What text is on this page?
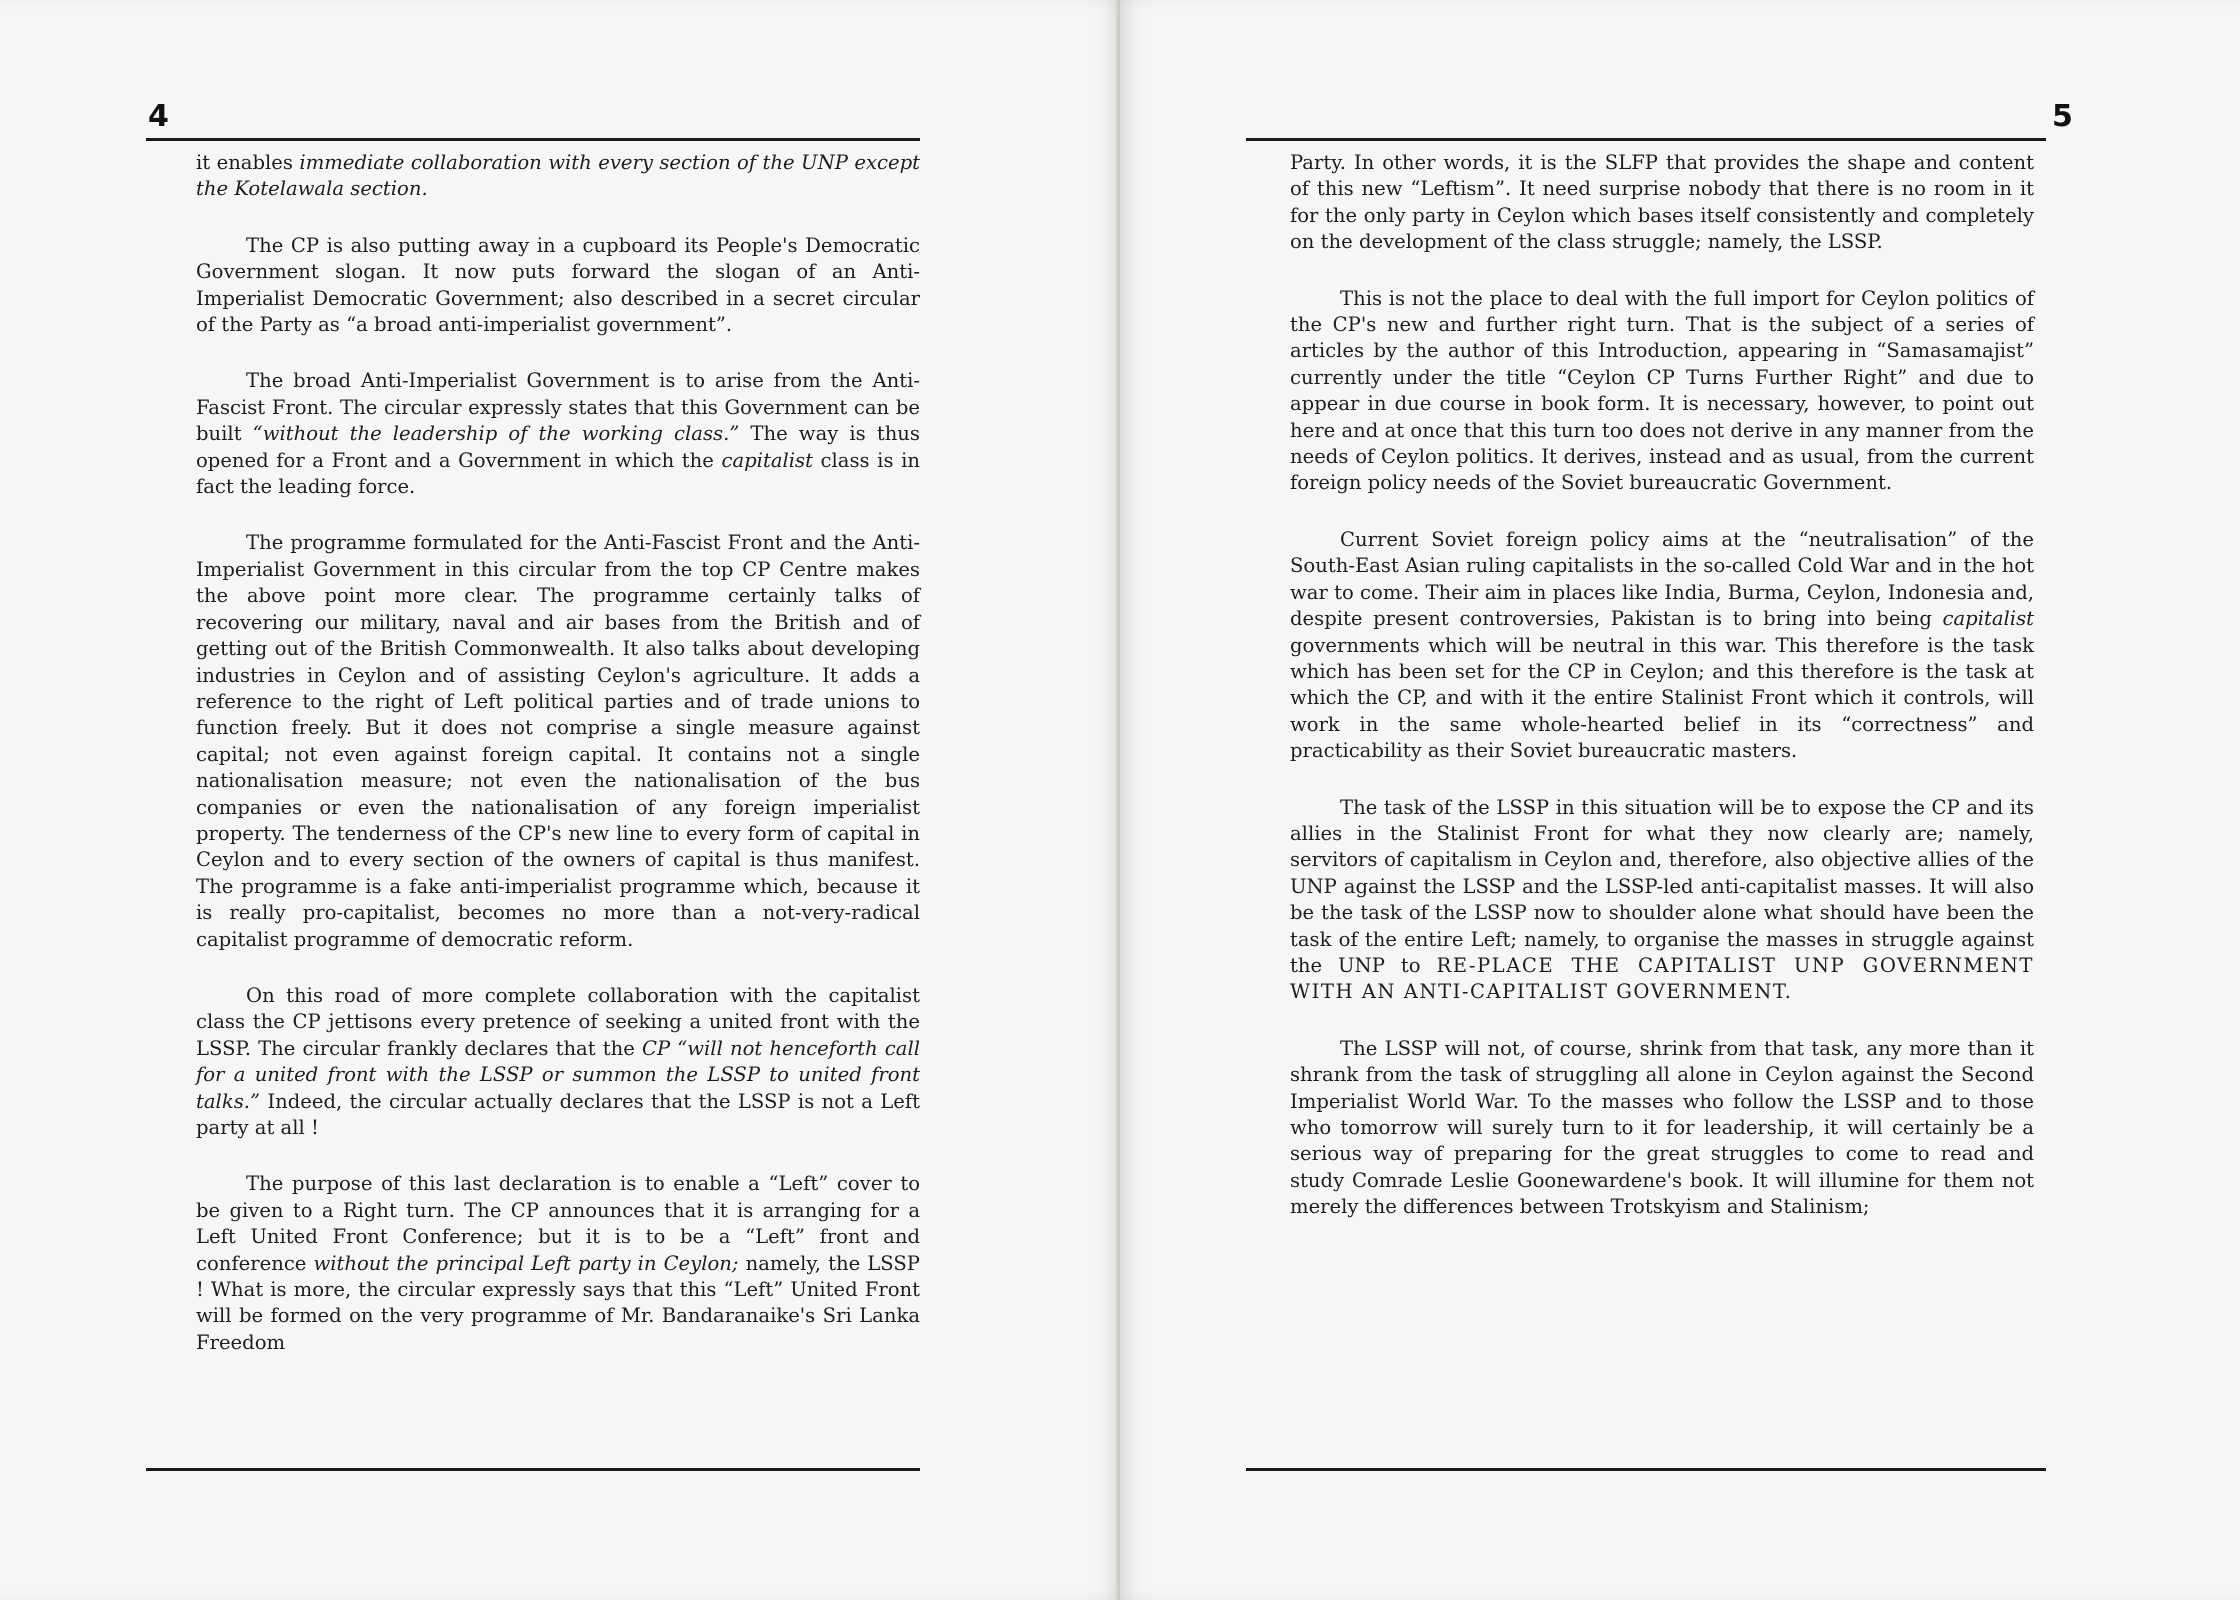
4

it enables immediate collaboration with every section of the UNP except the Kotelawala section.

The CP is also putting away in a cupboard its People's Democratic Government slogan. It now puts forward the slogan of an Anti-Imperialist Democratic Government; also described in a secret circular of the Party as “a broad anti-imperialist government”.

The broad Anti-Imperialist Government is to arise from the Anti-Fascist Front. The circular expressly states that this Government can be built “without the leadership of the working class.” The way is thus opened for a Front and a Government in which the capitalist class is in fact the leading force.

The programme formulated for the Anti-Fascist Front and the Anti-Imperialist Government in this circular from the top CP Centre makes the above point more clear. The programme certainly talks of recovering our military, naval and air bases from the British and of getting out of the British Commonwealth. It also talks about developing industries in Ceylon and of assisting Ceylon's agriculture. It adds a reference to the right of Left political parties and of trade unions to function freely. But it does not comprise a single measure against capital; not even against foreign capital. It contains not a single nationalisation measure; not even the nationalisation of the bus companies or even the nationalisation of any foreign imperialist property. The tenderness of the CP's new line to every form of capital in Ceylon and to every section of the owners of capital is thus manifest. The programme is a fake anti-imperialist programme which, because it is really pro-capitalist, becomes no more than a not-very-radical capitalist programme of democratic reform.

On this road of more complete collaboration with the capitalist class the CP jettisons every pretence of seeking a united front with the LSSP. The circular frankly declares that the CP “will not henceforth call for a united front with the LSSP or summon the LSSP to united front talks.” Indeed, the circular actually declares that the LSSP is not a Left party at all !

The purpose of this last declaration is to enable a “Left” cover to be given to a Right turn. The CP announces that it is arranging for a Left United Front Conference; but it is to be a “Left” front and conference without the principal Left party in Ceylon; namely, the LSSP ! What is more, the circular expressly says that this “Left” United Front will be formed on the very programme of Mr. Bandaranaike's Sri Lanka Freedom

5

Party. In other words, it is the SLFP that provides the shape and content of this new “Leftism”. It need surprise nobody that there is no room in it for the only party in Ceylon which bases itself consistently and completely on the development of the class struggle; namely, the LSSP.

This is not the place to deal with the full import for Ceylon politics of the CP's new and further right turn. That is the subject of a series of articles by the author of this Introduction, appearing in “Samasamajist” currently under the title “Ceylon CP Turns Further Right” and due to appear in due course in book form. It is necessary, however, to point out here and at once that this turn too does not derive in any manner from the needs of Ceylon politics. It derives, instead and as usual, from the current foreign policy needs of the Soviet bureaucratic Government.

Current Soviet foreign policy aims at the “neutralisation” of the South-East Asian ruling capitalists in the so-called Cold War and in the hot war to come. Their aim in places like India, Burma, Ceylon, Indonesia and, despite present controversies, Pakistan is to bring into being capitalist governments which will be neutral in this war. This therefore is the task which has been set for the CP in Ceylon; and this therefore is the task at which the CP, and with it the entire Stalinist Front which it controls, will work in the same whole-hearted belief in its “correctness” and practicability as their Soviet bureaucratic masters.

The task of the LSSP in this situation will be to expose the CP and its allies in the Stalinist Front for what they now clearly are; namely, servitors of capitalism in Ceylon and, therefore, also objective allies of the UNP against the LSSP and the LSSP-led anti-capitalist masses. It will also be the task of the LSSP now to shoulder alone what should have been the task of the entire Left; namely, to organise the masses in struggle against the UNP to RE-PLACE THE CAPITALIST UNP GOVERNMENT WITH AN ANTI-CAPITALIST GOVERNMENT.

The LSSP will not, of course, shrink from that task, any more than it shrank from the task of struggling all alone in Ceylon against the Second Imperialist World War. To the masses who follow the LSSP and to those who tomorrow will surely turn to it for leadership, it will certainly be a serious way of preparing for the great struggles to come to read and study Comrade Leslie Goonewardene's book. It will illumine for them not merely the differences between Trotskyism and Stalinism;
